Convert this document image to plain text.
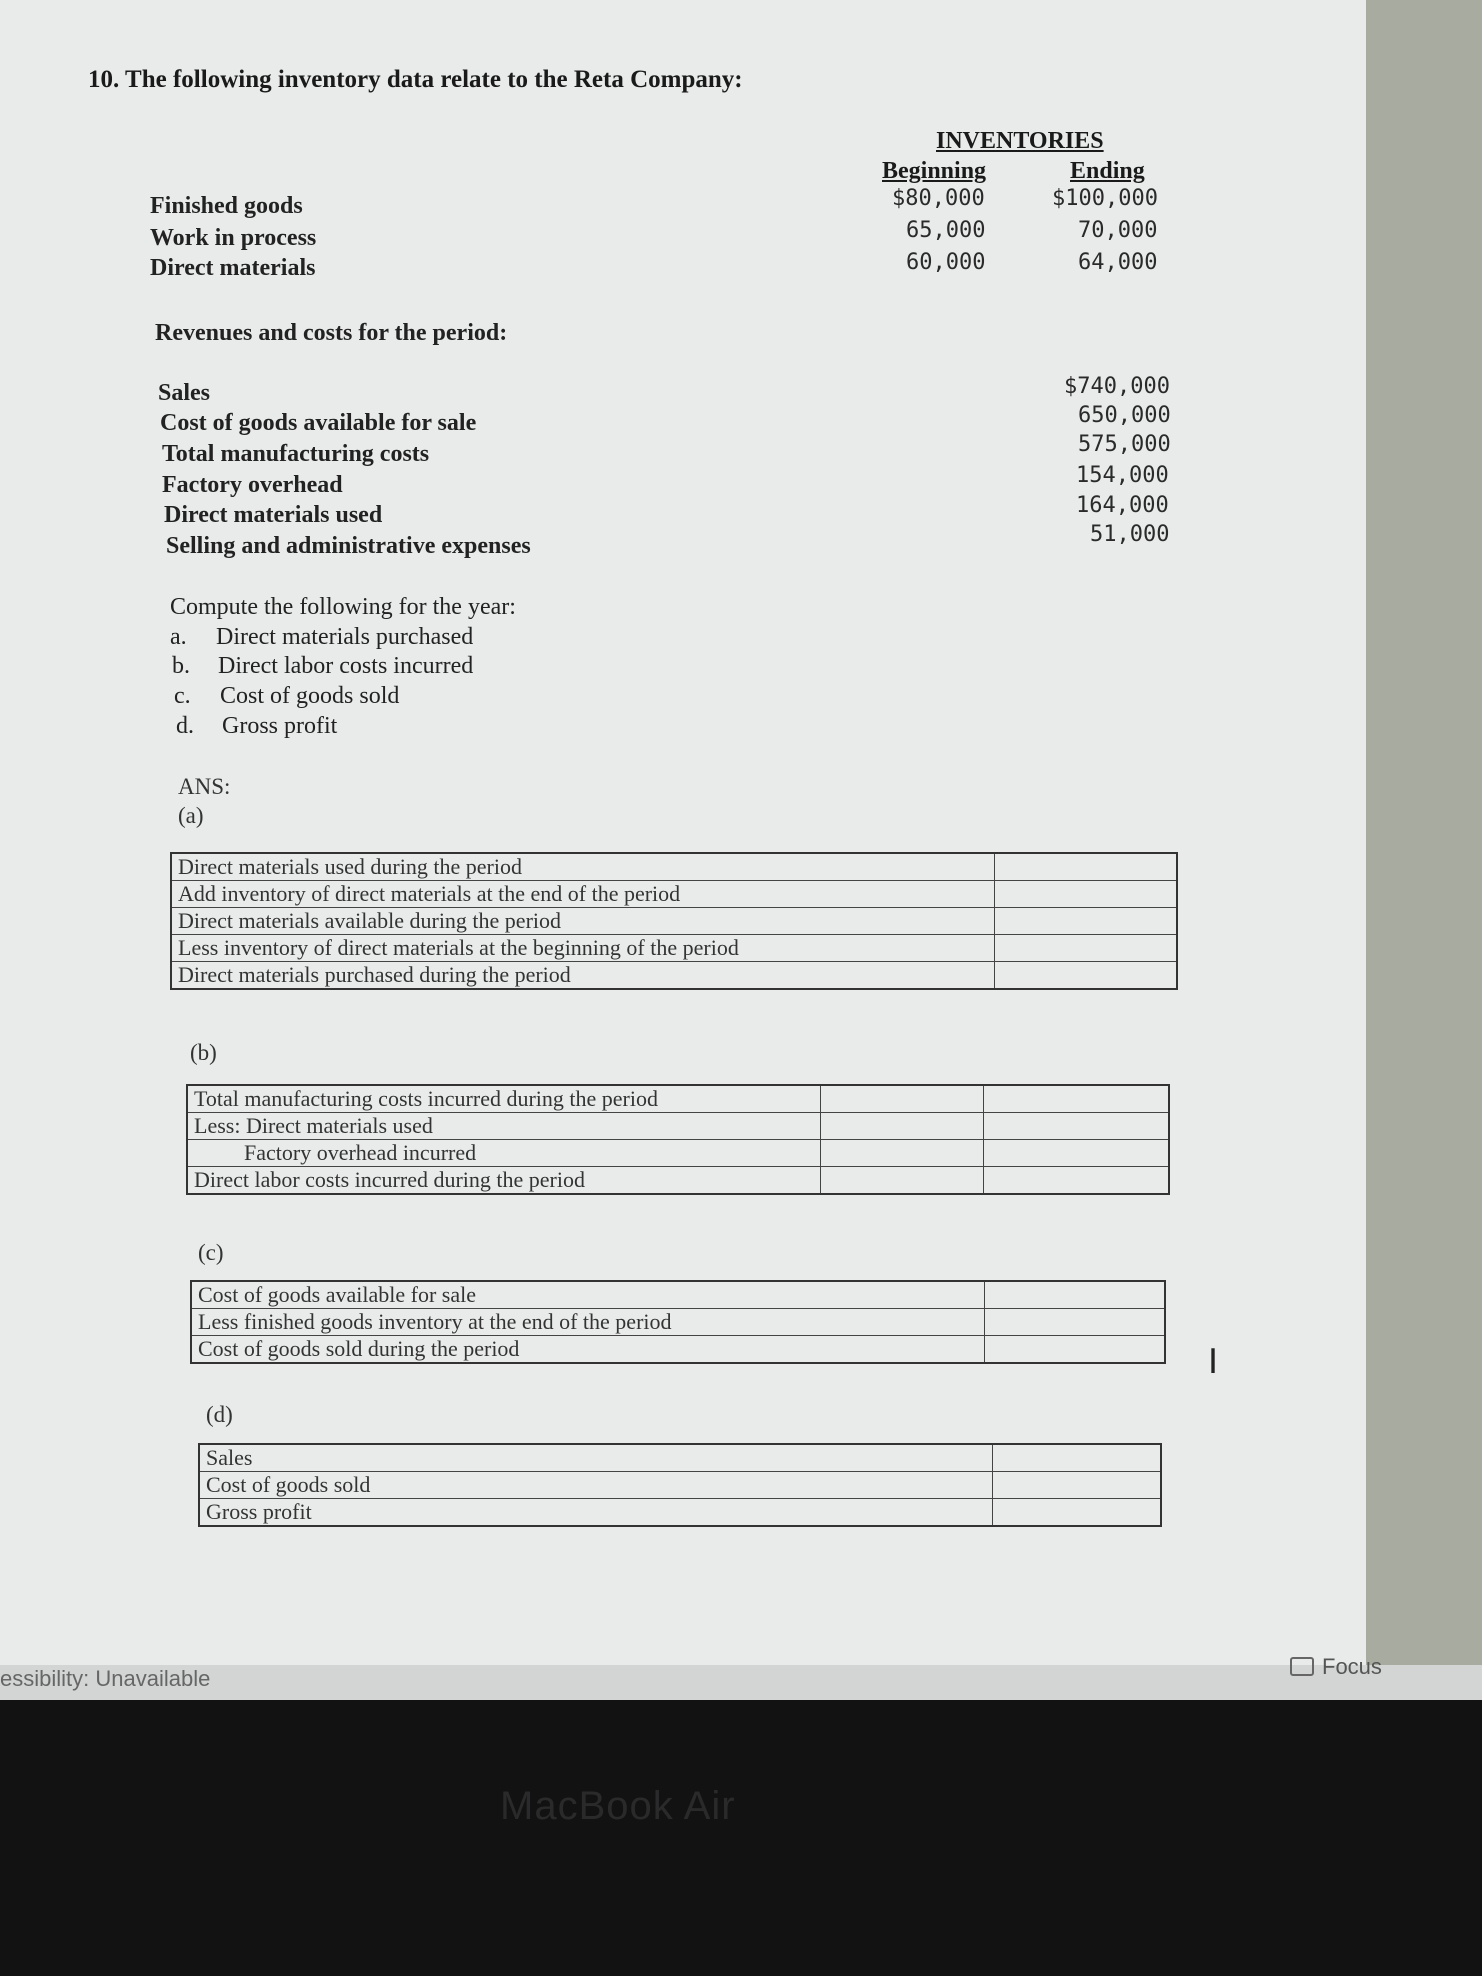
10. The following inventory data relate to the Reta Company:
INVENTORIES
Beginning	Ending
Finished goods	$80,000	$100,000
Work in process	65,000	70,000
Direct materials	60,000	64,000
Revenues and costs for the period:
Sales	$740,000
Cost of goods available for sale	650,000
Total manufacturing costs	575,000
Factory overhead	154,000
Direct materials used	164,000
Selling and administrative expenses	51,000
Compute the following for the year:
a. Direct materials purchased
b. Direct labor costs incurred
c. Cost of goods sold
d. Gross profit
ANS:
(a)
Direct materials used during the period	
Add inventory of direct materials at the end of the period	
Direct materials available during the period	
Less inventory of direct materials at the beginning of the period	
Direct materials purchased during the period	
(b)
Total manufacturing costs incurred during the period		
Less: Direct materials used		
Factory overhead incurred		
Direct labor costs incurred during the period		
(c)
Cost of goods available for sale	
Less finished goods inventory at the end of the period	
Cost of goods sold during the period	
(d)
Sales	
Cost of goods sold	
Gross profit	
I
essibility: Unavailable	Focus
MacBook Air
